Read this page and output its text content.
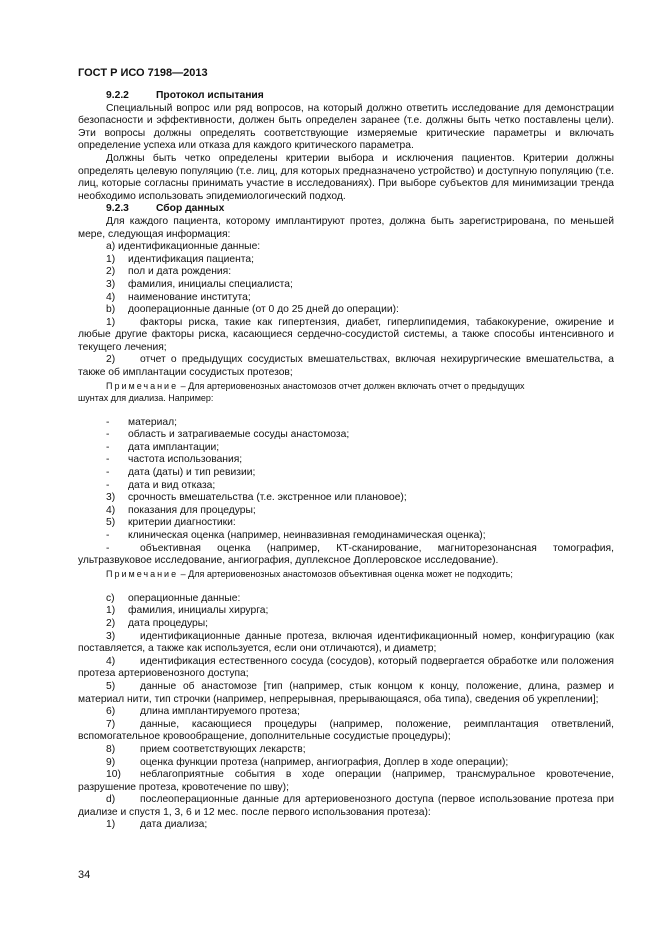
ГОСТ Р ИСО 7198—2013

9.2.2	Протокол испытания

Специальный вопрос или ряд вопросов, на который должно ответить исследование для демонстрации безопасности и эффективности, должен быть определен заранее (т.е. должны быть четко поставлены цели). Эти вопросы должны определять соответствующие измеряемые критические параметры и включать определение успеха или отказа для каждого критического параметра.

Должны быть четко определены критерии выбора и исключения пациентов. Критерии должны определять целевую популяцию (т.е. лиц, для которых предназначено устройство) и доступную популяцию (т.е. лиц, которые согласны принимать участие в исследованиях). При выборе субъектов для минимизации тренда необходимо использовать эпидемиологический подход.

9.2.3	Сбор данных

Для каждого пациента, которому имплантируют протез, должна быть зарегистрирована, по меньшей мере, следующая информация:

а) идентификационные данные:

1)	идентификация пациента;
2)	пол и дата рождения:
3)	фамилия, инициалы специалиста;
4)	наименование института;
b)	дооперационные данные (от 0 до 25 дней до операции):

1) факторы риска, такие как гипертензия, диабет, гиперлипидемия, табакокурение, ожирение и любые другие факторы риска, касающиеся сердечно-сосудистой системы, а также способы интенсивного и текущего лечения;

2) отчет о предыдущих сосудистых вмешательствах, включая нехирургические вмешательства, а также об имплантации сосудистых протезов;

Примечание – Для артериовенозных анастомозов отчет должен включать отчет о предыдущих

шунтах для диализа. Например:

-	материал;
-	область и затрагиваемые сосуды анастомоза;
-	дата имплантации;
-	частота использования;
-	дата (даты) и тип ревизии;
-	дата и вид отказа;
3)	срочность вмешательства (т.е. экстренное или плановое);
4)	показания для процедуры;
5)	критерии диагностики:
-	клиническая оценка (например, неинвазивная гемодинамическая оценка);

-	объективная оценка (например, КТ-сканирование, магниторезонансная томография, ультразвуковое исследование, ангиография, дуплексное Доплеровское исследование).

Примечание – Для артериовенозных анастомозов объективная оценка может не подходить;

с)	операционные данные:
1)	фамилия, инициалы хирурга;
2)	дата процедуры;

3) идентификационные данные протеза, включая идентификационный номер, конфигурацию (как поставляется, а также как используется, если они отличаются), и диаметр;

4) идентификация естественного сосуда (сосудов), который подвергается обработке или положения протеза артериовенозного доступа;

5) данные об анастомозе [тип (например, стык концом к концу, положение, длина, размер и материал нити, тип строчки (например, непрерывная, прерывающаяся, оба типа), сведения об укреплении];

6) длина имплантируемого протеза;

7) данные, касающиеся процедуры (например, положение, реимплантация ответвлений, вспомогательное кровообращение, дополнительные сосудистые процедуры);

8) прием соответствующих лекарств;

9) оценка функции протеза (например, ангиография, Доплер в ходе операции);

10) неблагоприятные события в ходе операции (например, трансмуральное кровотечение, разрушение протеза, кровотечение по шву);

d) послеоперационные данные для артериовенозного доступа (первое использование протеза при диализе и спустя 1, 3, 6 и 12 мес. после первого использования протеза):

1) дата диализа;

34
